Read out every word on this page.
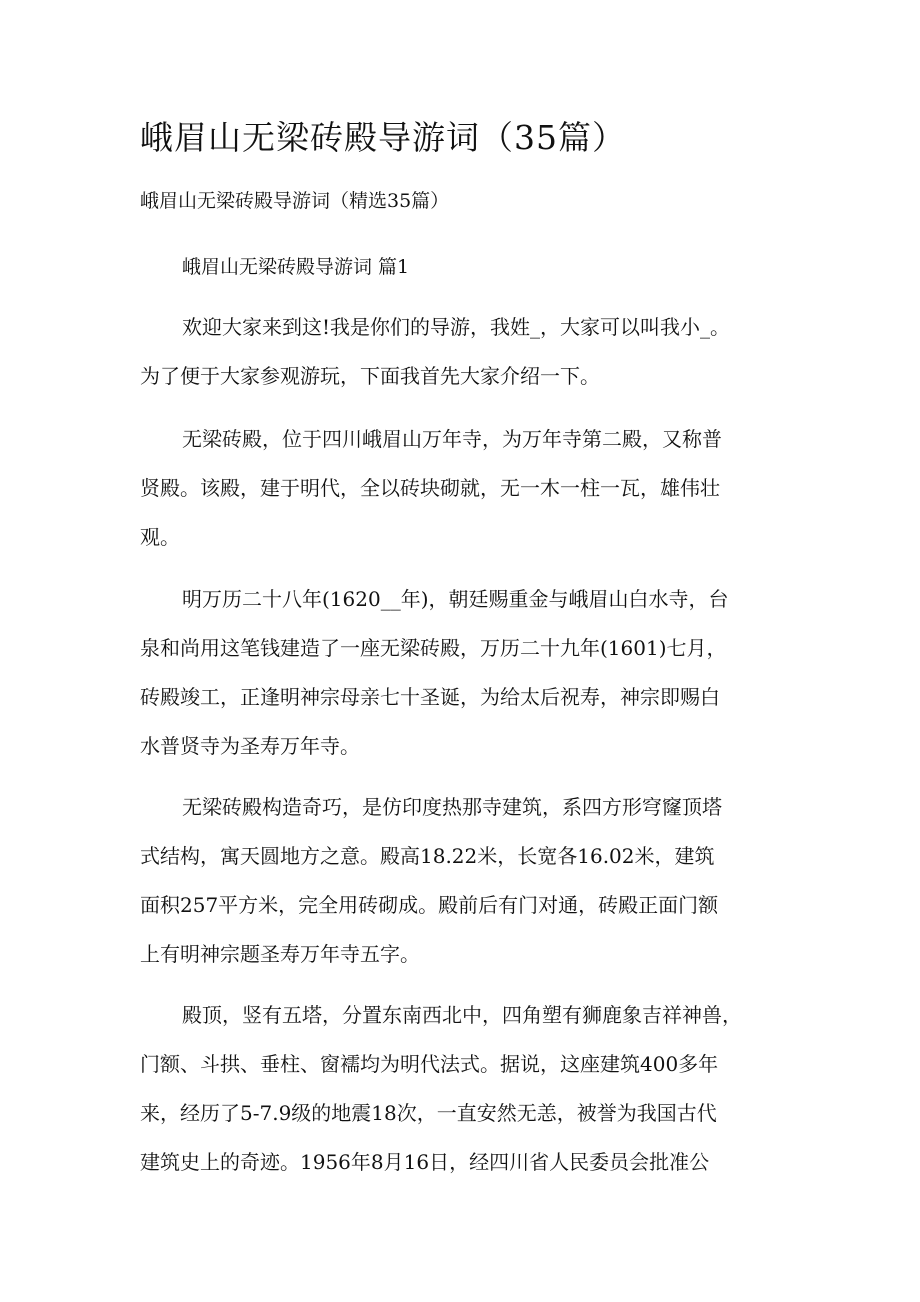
峨眉山无梁砖殿导游词（35篇）
峨眉山无梁砖殿导游词（精选35篇）
峨眉山无梁砖殿导游词 篇1
欢迎大家来到这!我是你们的导游，我姓_，大家可以叫我小_。
为了便于大家参观游玩，下面我首先大家介绍一下。
无梁砖殿，位于四川峨眉山万年寺，为万年寺第二殿，又称普
贤殿。该殿，建于明代，全以砖块砌就，无一木一柱一瓦，雄伟壮
观。
明万历二十八年(1620__年)，朝廷赐重金与峨眉山白水寺，台
泉和尚用这笔钱建造了一座无梁砖殿，万历二十九年(1601)七月，
砖殿竣工，正逢明神宗母亲七十圣诞，为给太后祝寿，神宗即赐白
水普贤寺为圣寿万年寺。
无梁砖殿构造奇巧，是仿印度热那寺建筑，系四方形穹窿顶塔
式结构，寓天圆地方之意。殿高18.22米，长宽各16.02米，建筑
面积257平方米，完全用砖砌成。殿前后有门对通，砖殿正面门额
上有明神宗题圣寿万年寺五字。
殿顶，竖有五塔，分置东南西北中，四角塑有狮鹿象吉祥神兽，
门额、斗拱、垂柱、窗襦均为明代法式。据说，这座建筑400多年
来，经历了5-7.9级的地震18次，一直安然无恙，被誉为我国古代
建筑史上的奇迹。1956年8月16日，经四川省人民委员会批准公
